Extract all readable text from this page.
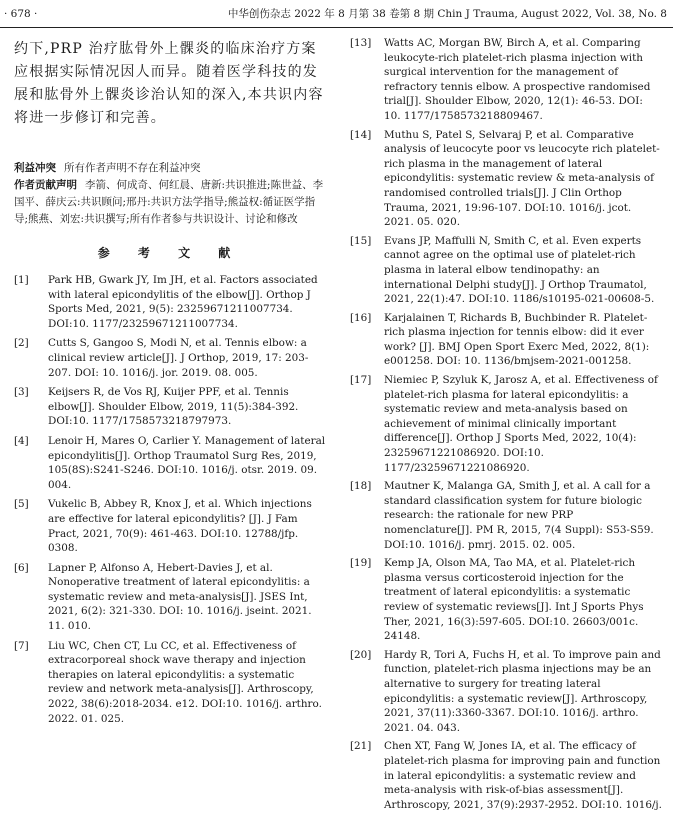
· 678 ·	中华创伤杂志 2022 年 8 月第 38 卷第 8 期 Chin J Trauma, August 2022, Vol. 38, No. 8

约下,PRP 治疗肱骨外上髁炎的临床治疗方案应根据实际情况因人而异。随着医学科技的发展和肱骨外上髁炎诊治认知的深入,本共识内容将进一步修订和完善。

利益冲突 所有作者声明不存在利益冲突

作者贡献声明 李箭、何成奇、何红晨、唐新:共识推进;陈世益、李国平、薛庆云:共识顾问;邢丹:共识方法学指导;熊益权:循证医学指导;熊燕、刘宏:共识撰写;所有作者参与共识设计、讨论和修改

参 考 文 献
[1] Park HB, Gwark JY, Im JH, et al. Factors associated with lateral epicondylitis of the elbow[J]. Orthop J Sports Med, 2021, 9(5): 23259671211007734. DOI:10. 1177/23259671211007734.
[2] Cutts S, Gangoo S, Modi N, et al. Tennis elbow: a clinical review article[J]. J Orthop, 2019, 17: 203-207. DOI: 10. 1016/j. jor. 2019. 08. 005.
[3] Keijsers R, de Vos RJ, Kuijer PPF, et al. Tennis elbow[J]. Shoulder Elbow, 2019, 11(5):384-392. DOI:10. 1177/1758573218797973.
[4] Lenoir H, Mares O, Carlier Y. Management of lateral epicondylitis[J]. Orthop Traumatol Surg Res, 2019, 105(8S):S241-S246. DOI:10. 1016/j. otsr. 2019. 09. 004.
[5] Vukelic B, Abbey R, Knox J, et al. Which injections are effective for lateral epicondylitis? [J]. J Fam Pract, 2021, 70(9): 461-463. DOI:10. 12788/jfp. 0308.
[6] Lapner P, Alfonso A, Hebert-Davies J, et al. Nonoperative treatment of lateral epicondylitis: a systematic review and meta-analysis[J]. JSES Int, 2021, 6(2): 321-330. DOI: 10. 1016/j. jseint. 2021. 11. 010.
[7] Liu WC, Chen CT, Lu CC, et al. Effectiveness of extracorporeal shock wave therapy and injection therapies on lateral epicondylitis: a systematic review and network meta-analysis[J]. Arthroscopy, 2022, 38(6):2018-2034. e12. DOI:10. 1016/j. arthro. 2022. 01. 025.
[13] Watts AC, Morgan BW, Birch A, et al. Comparing leukocyte-rich platelet-rich plasma injection with surgical intervention for the management of refractory tennis elbow. A prospective randomised trial[J]. Shoulder Elbow, 2020, 12(1): 46-53. DOI: 10. 1177/1758573218809467.
[14] Muthu S, Patel S, Selvaraj P, et al. Comparative analysis of leucocyte poor vs leucocyte rich platelet-rich plasma in the management of lateral epicondylitis: systematic review & meta-analysis of randomised controlled trials[J]. J Clin Orthop Trauma, 2021, 19:96-107. DOI:10. 1016/j. jcot. 2021. 05. 020.
[15] Evans JP, Maffulli N, Smith C, et al. Even experts cannot agree on the optimal use of platelet-rich plasma in lateral elbow tendinopathy: an international Delphi study[J]. J Orthop Traumatol, 2021, 22(1):47. DOI:10. 1186/s10195-021-00608-5.
[16] Karjalainen T, Richards B, Buchbinder R. Platelet-rich plasma injection for tennis elbow: did it ever work? [J]. BMJ Open Sport Exerc Med, 2022, 8(1): e001258. DOI: 10. 1136/bmjsem-2021-001258.
[17] Niemiec P, Szyluk K, Jarosz A, et al. Effectiveness of platelet-rich plasma for lateral epicondylitis: a systematic review and meta-analysis based on achievement of minimal clinically important difference[J]. Orthop J Sports Med, 2022, 10(4): 23259671221086920. DOI:10. 1177/23259671221086920.
[18] Mautner K, Malanga GA, Smith J, et al. A call for a standard classification system for future biologic research: the rationale for new PRP nomenclature[J]. PM R, 2015, 7(4 Suppl): S53-S59. DOI:10. 1016/j. pmrj. 2015. 02. 005.
[19] Kemp JA, Olson MA, Tao MA, et al. Platelet-rich plasma versus corticosteroid injection for the treatment of lateral epicondylitis: a systematic review of systematic reviews[J]. Int J Sports Phys Ther, 2021, 16(3):597-605. DOI:10. 26603/001c. 24148.
[20] Hardy R, Tori A, Fuchs H, et al. To improve pain and function, platelet-rich plasma injections may be an alternative to surgery for treating lateral epicondylitis: a systematic review[J]. Arthroscopy, 2021, 37(11):3360-3367. DOI:10. 1016/j. arthro. 2021. 04. 043.
[21] Chen XT, Fang W, Jones IA, et al. The efficacy of platelet-rich plasma for improving pain and function in lateral epicondylitis: a systematic review and meta-analysis with risk-of-bias assessment[J]. Arthroscopy, 2021, 37(9):2937-2952. DOI:10. 1016/j.
